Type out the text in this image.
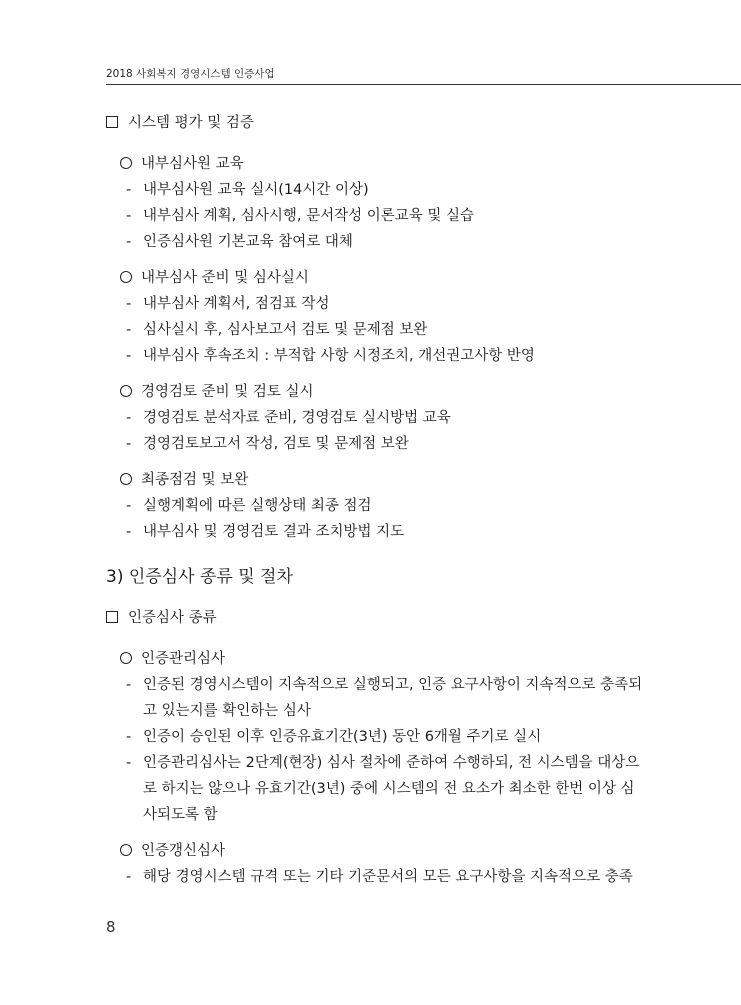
2018 사회복지 경영시스템 인증사업
시스템 평가 및 검증
내부심사원 교육
- 내부심사원 교육 실시(14시간 이상)
- 내부심사 계획, 심사시행, 문서작성 이론교육 및 실습
- 인증심사원 기본교육 참여로 대체
내부심사 준비 및 심사실시
- 내부심사 계획서, 점검표 작성
- 심사실시 후, 심사보고서 검토 및 문제점 보완
- 내부심사 후속조치 : 부적합 사항 시정조치, 개선권고사항 반영
경영검토 준비 및 검토 실시
- 경영검토 분석자료 준비, 경영검토 실시방법 교육
- 경영검토보고서 작성, 검토 및 문제점 보완
최종점검 및 보완
- 실행계획에 따른 실행상태 최종 점검
- 내부심사 및 경영검토 결과 조치방법 지도
3) 인증심사 종류 및 절차
인증심사 종류
인증관리심사
- 인증된 경영시스템이 지속적으로 실행되고, 인증 요구사항이 지속적으로 충족되고 있는지를 확인하는 심사
- 인증이 승인된 이후 인증유효기간(3년) 동안 6개월 주기로 실시
- 인증관리심사는 2단계(현장) 심사 절차에 준하여 수행하되, 전 시스템을 대상으로 하지는 않으나 유효기간(3년) 중에 시스템의 전 요소가 최소한 한번 이상 심사되도록 함
인증갱신심사
- 해당 경영시스템 규격 또는 기타 기준문서의 모든 요구사항을 지속적으로 충족
8
